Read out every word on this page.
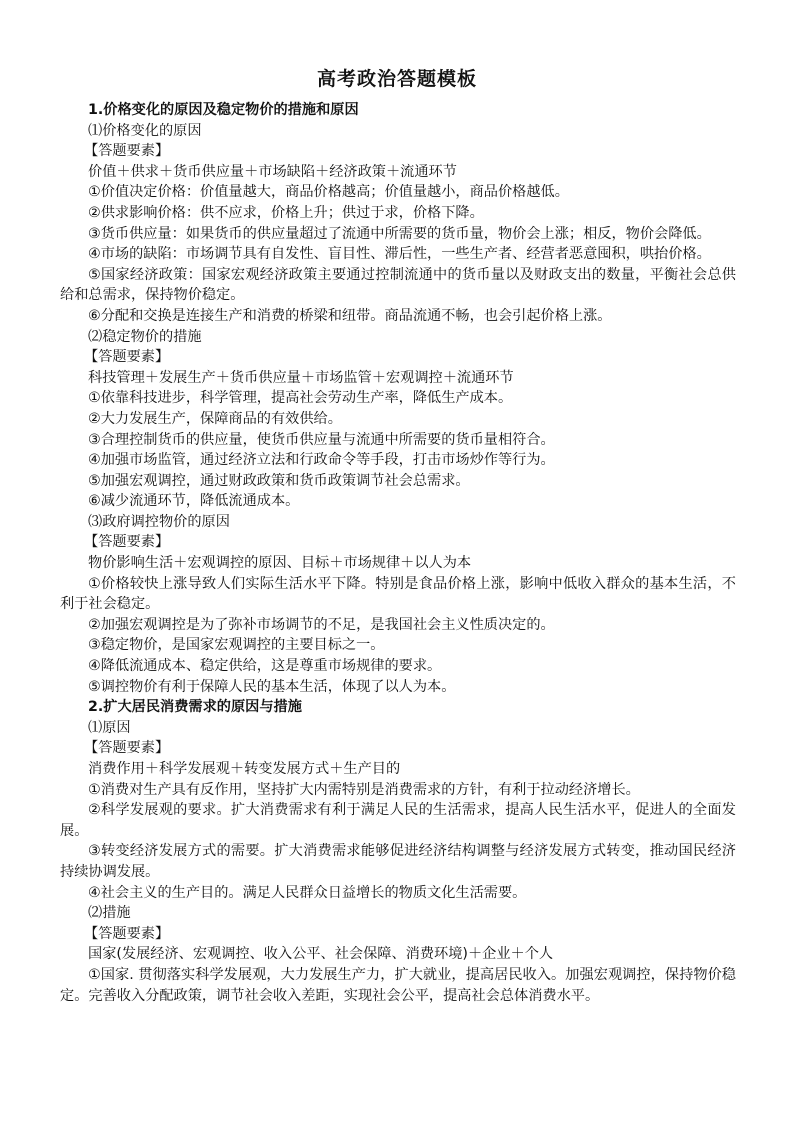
高考政治答题模板

1.价格变化的原因及稳定物价的措施和原因

⑴价格变化的原因

【答题要素】

价值＋供求＋货币供应量＋市场缺陷＋经济政策＋流通环节

①价值决定价格：价值量越大，商品价格越高；价值量越小，商品价格越低。

②供求影响价格：供不应求，价格上升；供过于求，价格下降。

③货币供应量：如果货币的供应量超过了流通中所需要的货币量，物价会上涨；相反，物价会降低。

④市场的缺陷：市场调节具有自发性、盲目性、滞后性，一些生产者、经营者恶意囤积，哄抬价格。

⑤国家经济政策：国家宏观经济政策主要通过控制流通中的货币量以及财政支出的数量，平衡社会总供给和总需求，保持物价稳定。

⑥分配和交换是连接生产和消费的桥梁和纽带。商品流通不畅，也会引起价格上涨。

⑵稳定物价的措施

【答题要素】

科技管理＋发展生产＋货币供应量＋市场监管＋宏观调控＋流通环节

①依靠科技进步，科学管理，提高社会劳动生产率，降低生产成本。

②大力发展生产，保障商品的有效供给。

③合理控制货币的供应量，使货币供应量与流通中所需要的货币量相符合。

④加强市场监管，通过经济立法和行政命令等手段，打击市场炒作等行为。

⑤加强宏观调控，通过财政政策和货币政策调节社会总需求。

⑥减少流通环节，降低流通成本。

⑶政府调控物价的原因

【答题要素】

物价影响生活＋宏观调控的原因、目标＋市场规律＋以人为本

①价格较快上涨导致人们实际生活水平下降。特别是食品价格上涨，影响中低收入群众的基本生活，不利于社会稳定。

②加强宏观调控是为了弥补市场调节的不足，是我国社会主义性质决定的。

③稳定物价，是国家宏观调控的主要目标之一。

④降低流通成本、稳定供给，这是尊重市场规律的要求。

⑤调控物价有利于保障人民的基本生活，体现了以人为本。

2.扩大居民消费需求的原因与措施

⑴原因

【答题要素】

消费作用＋科学发展观＋转变发展方式＋生产目的

①消费对生产具有反作用，坚持扩大内需特别是消费需求的方针，有利于拉动经济增长。

②科学发展观的要求。扩大消费需求有利于满足人民的生活需求，提高人民生活水平，促进人的全面发展。

③转变经济发展方式的需要。扩大消费需求能够促进经济结构调整与经济发展方式转变，推动国民经济持续协调发展。

④社会主义的生产目的。满足人民群众日益增长的物质文化生活需要。

⑵措施

【答题要素】

国家(发展经济、宏观调控、收入公平、社会保障、消费环境)＋企业＋个人

①国家. 贯彻落实科学发展观，大力发展生产力，扩大就业，提高居民收入。加强宏观调控，保持物价稳定。完善收入分配政策，调节社会收入差距，实现社会公平，提高社会总体消费水平。
